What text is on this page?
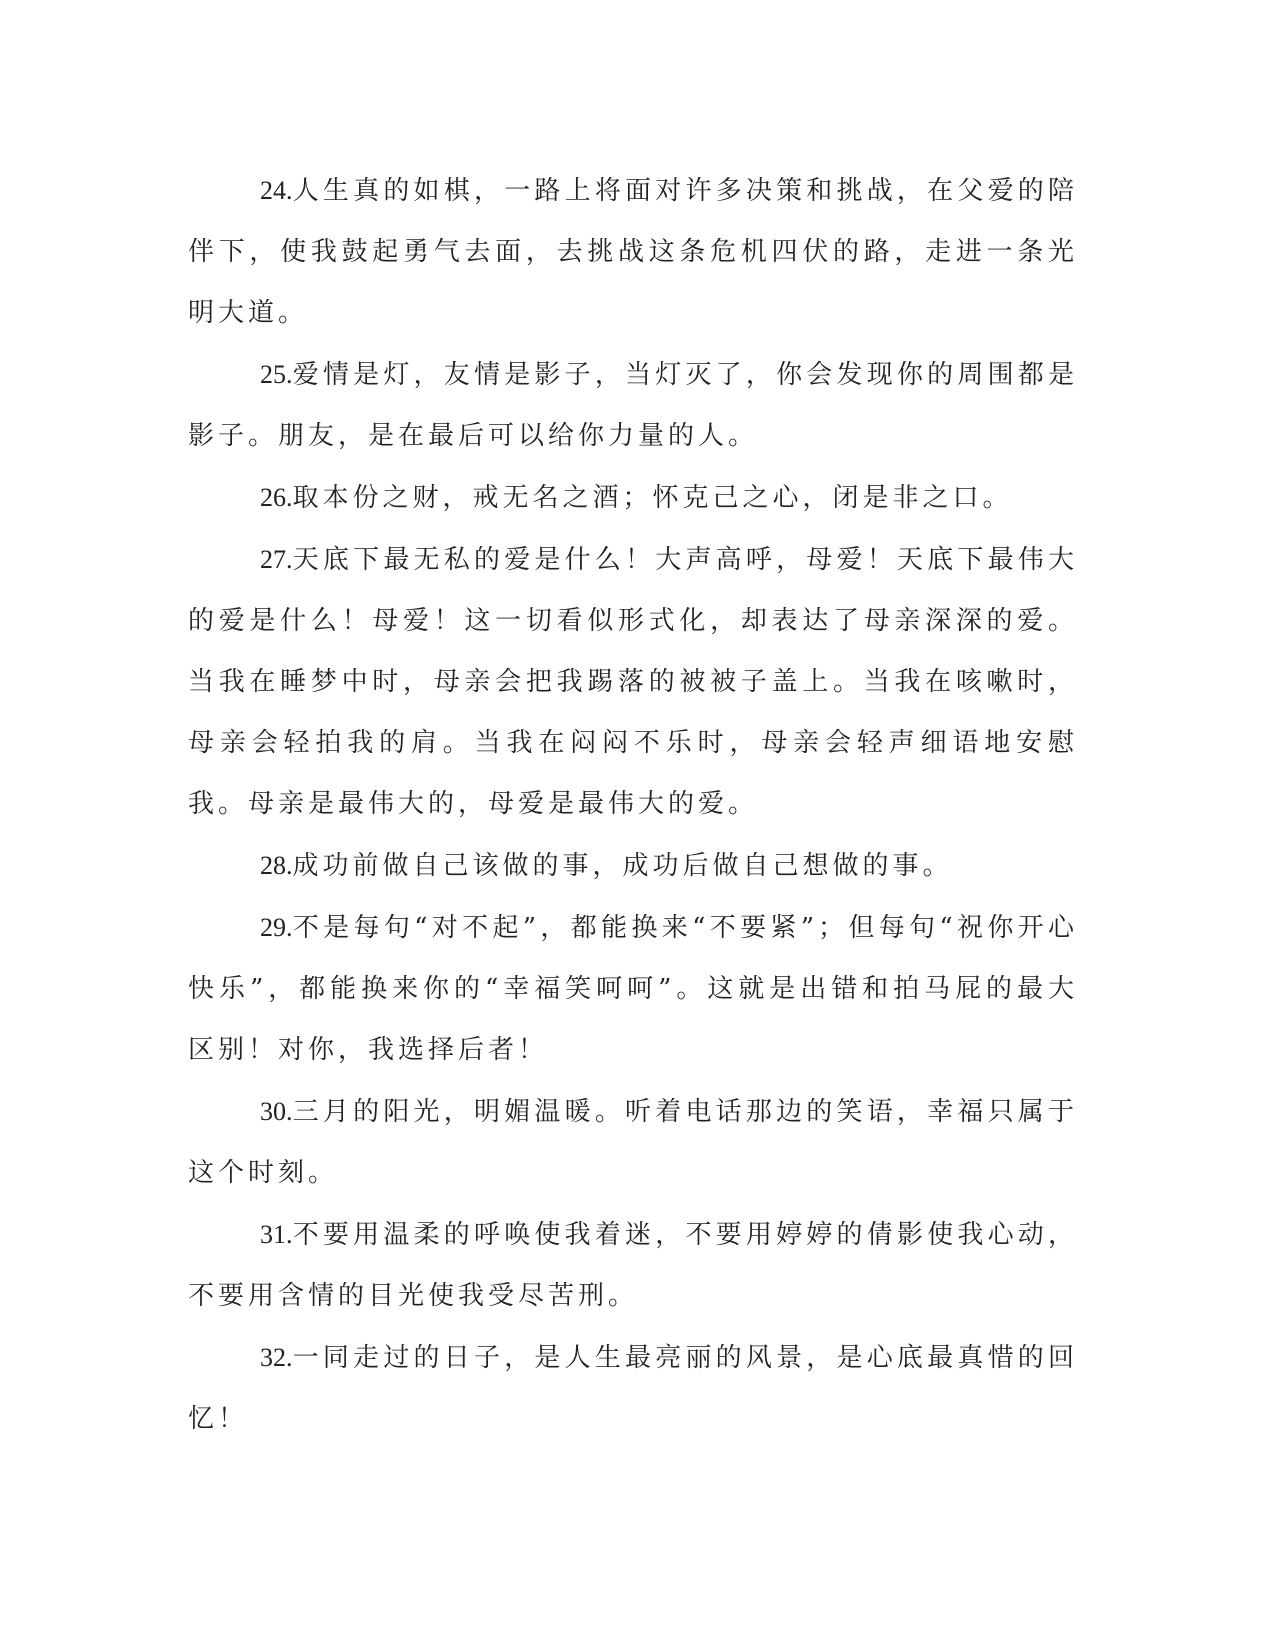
24.人生真的如棋，一路上将面对许多决策和挑战，在父爱的陪伴下，使我鼓起勇气去面，去挑战这条危机四伏的路，走进一条光明大道。

25.爱情是灯，友情是影子，当灯灭了，你会发现你的周围都是影子。朋友，是在最后可以给你力量的人。

26.取本份之财，戒无名之酒；怀克己之心，闭是非之口。

27.天底下最无私的爱是什么！大声高呼，母爱！天底下最伟大的爱是什么！母爱！这一切看似形式化，却表达了母亲深深的爱。当我在睡梦中时，母亲会把我踢落的被被子盖上。当我在咳嗽时，母亲会轻拍我的肩。当我在闷闷不乐时，母亲会轻声细语地安慰我。母亲是最伟大的，母爱是最伟大的爱。

28.成功前做自己该做的事，成功后做自己想做的事。

29.不是每句“对不起”，都能换来“不要紧”；但每句“祝你开心快乐”，都能换来你的“幸福笑呵呵”。这就是出错和拍马屁的最大区别！对你，我选择后者！

30.三月的阳光，明媚温暖。听着电话那边的笑语，幸福只属于这个时刻。

31.不要用温柔的呼唤使我着迷，不要用婷婷的倩影使我心动，不要用含情的目光使我受尽苦刑。

32.一同走过的日子，是人生最亮丽的风景，是心底最真惜的回忆！
